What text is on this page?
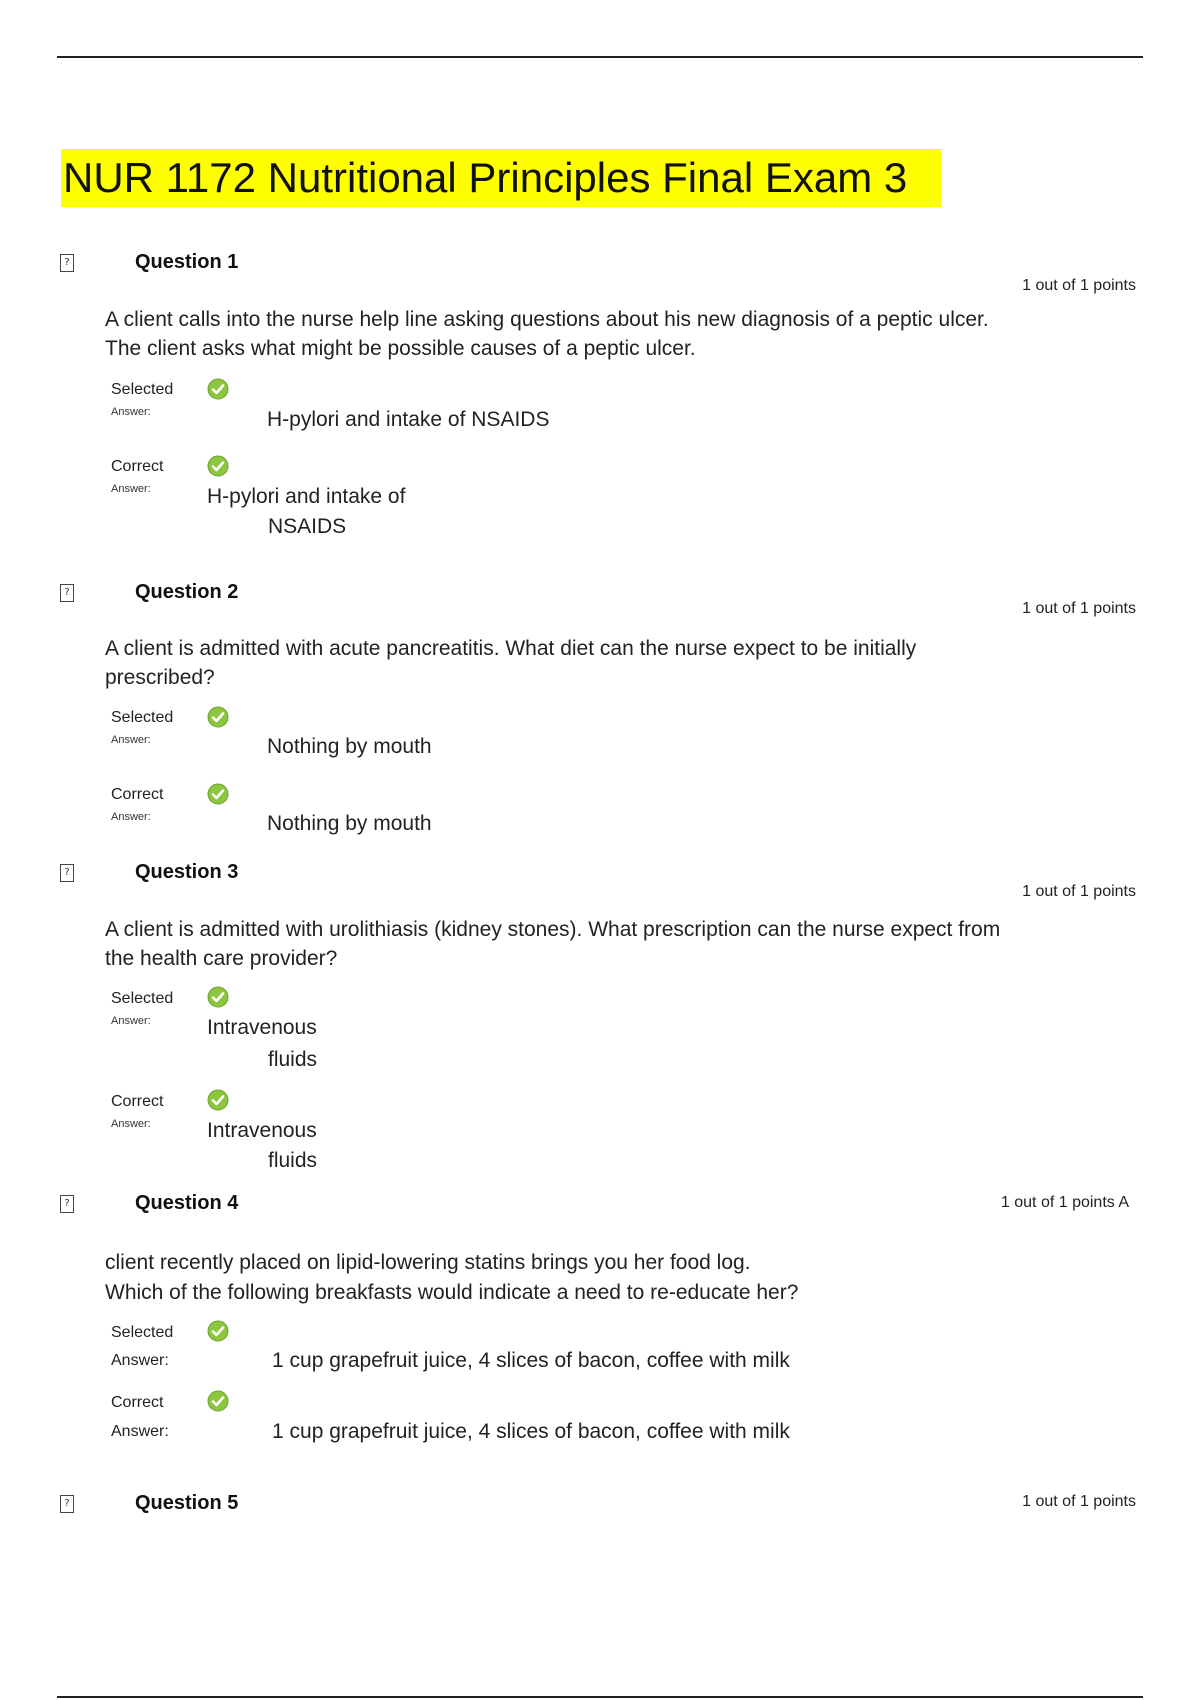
NUR 1172 Nutritional Principles Final Exam 3
?	Question 1
1 out of 1 points
A client calls into the nurse help line asking questions about his new diagnosis of a peptic ulcer. The client asks what might be possible causes of a peptic ulcer.
Selected
Answer:	H-pylori and intake of NSAIDS
Correct
Answer:	H-pylori and intake of
NSAIDS
?	Question 2
1 out of 1 points
A client is admitted with acute pancreatitis. What diet can the nurse expect to be initially prescribed?
Selected
Answer:	Nothing by mouth
Correct
Answer:	Nothing by mouth
?	Question 3
1 out of 1 points
A client is admitted with urolithiasis (kidney stones). What prescription can the nurse expect from the health care provider?
Selected
Answer:	Intravenous
fluids
Correct
Answer:	Intravenous
fluids
?	Question 4	1 out of 1 points A
client recently placed on lipid-lowering statins brings you her food log.
Which of the following breakfasts would indicate a need to re-educate her?
Selected
Answer:	1 cup grapefruit juice, 4 slices of bacon, coffee with milk
Correct
Answer:	1 cup grapefruit juice, 4 slices of bacon, coffee with milk
?	Question 5	1 out of 1 points
